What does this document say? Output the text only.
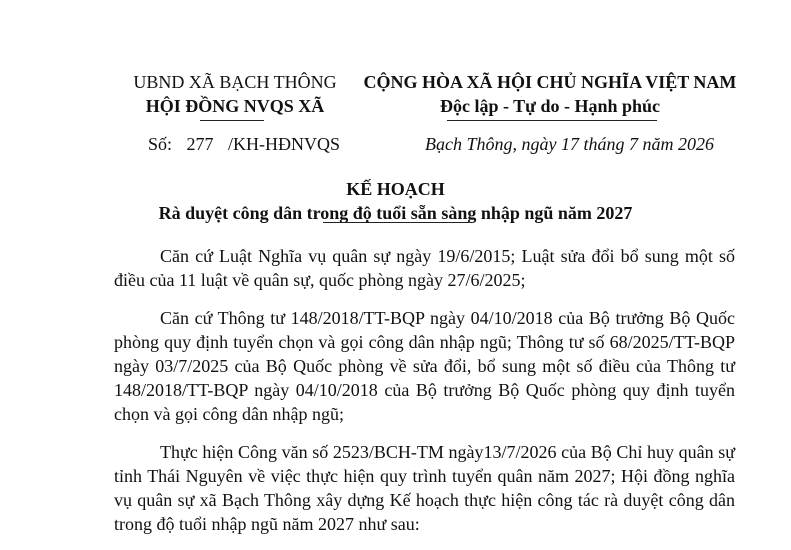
UBND XÃ BẠCH THÔNG
HỘI ĐỒNG NVQS XÃ
CỘNG HÒA XÃ HỘI CHỦ NGHĨA VIỆT NAM
Độc lập - Tự do - Hạnh phúc
Số: 277 /KH-HĐNVQS	Bạch Thông, ngày 17 tháng 7 năm 2026
KẾ HOẠCH
Rà duyệt công dân trong độ tuổi sẵn sàng nhập ngũ năm 2027

Căn cứ Luật Nghĩa vụ quân sự ngày 19/6/2015; Luật sửa đổi bổ sung một số điều của 11 luật về quân sự, quốc phòng ngày 27/6/2025;

Căn cứ Thông tư 148/2018/TT-BQP ngày 04/10/2018 của Bộ trưởng Bộ Quốc phòng quy định tuyển chọn và gọi công dân nhập ngũ; Thông tư số 68/2025/TT-BQP ngày 03/7/2025 của Bộ Quốc phòng về sửa đổi, bổ sung một số điều của Thông tư 148/2018/TT-BQP ngày 04/10/2018 của Bộ trưởng Bộ Quốc phòng quy định tuyển chọn và gọi công dân nhập ngũ;

Thực hiện Công văn số 2523/BCH-TM ngày13/7/2026 của Bộ Chỉ huy quân sự tỉnh Thái Nguyên về việc thực hiện quy trình tuyển quân năm 2027; Hội đồng nghĩa vụ quân sự xã Bạch Thông xây dựng Kế hoạch thực hiện công tác rà duyệt công dân trong độ tuổi nhập ngũ năm 2027 như sau:
